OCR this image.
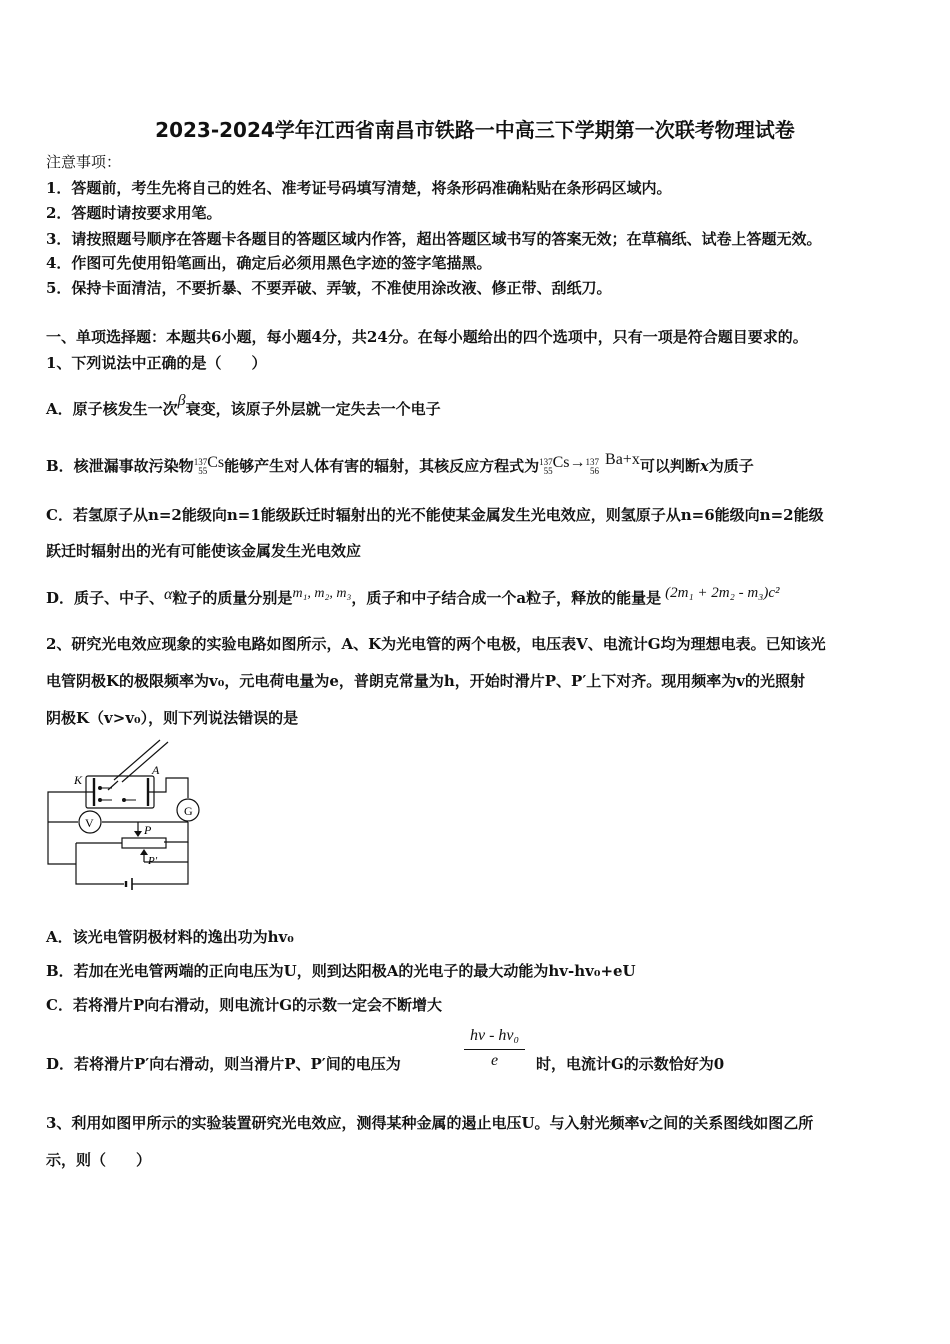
2023-2024学年江西省南昌市铁路一中高三下学期第一次联考物理试卷
注意事项：
1．答题前，考生先将自己的姓名、准考证号码填写清楚，将条形码准确粘贴在条形码区域内。
2．答题时请按要求用笔。
3．请按照题号顺序在答题卡各题目的答题区域内作答，超出答题区域书写的答案无效；在草稿纸、试卷上答题无效。
4．作图可先使用铅笔画出，确定后必须用黑色字迹的签字笔描黑。
5．保持卡面清洁，不要折暴、不要弄破、弄皱，不准使用涂改液、修正带、刮纸刀。
一、单项选择题：本题共6小题，每小题4分，共24分。在每小题给出的四个选项中，只有一项是符合题目要求的。
1、下列说法中正确的是（　　）
A．原子核发生一次β衰变，该原子外层就一定失去一个电子
B．核泄漏事故污染物 137
55
Cs能够产生对人体有害的辐射，其核反应方程式为 137
55
Cs→ 137
56
Ba+x可以判断x为质子
C．若氢原子从n=2能级向n=1能级跃迁时辐射出的光不能使某金属发生光电效应，则氢原子从n=6能级向n=2能级
跃迁时辐射出的光有可能使该金属发生光电效应
D．质子、中子、α粒子的质量分别是m₁, m₂, m₃，质子和中子结合成一个a粒子，释放的能量是 (2m₁ + 2m₂ - m₃)c²
2、研究光电效应现象的实验电路如图所示，A、K为光电管的两个电极，电压表V、电流计G均为理想电表。已知该光
电管阴极K的极限频率为v₀，元电荷电量为e，普朗克常量为h，开始时滑片P、P′上下对齐。现用频率为v的光照射
阴极K（v>v₀），则下列说法错误的是
K
A
G
V	P
P′
A．该光电管阴极材料的逸出功为hv₀
B．若加在光电管两端的正向电压为U，则到达阳极A的光电子的最大动能为hv-hv₀+eU
C．若将滑片P向右滑动，则电流计G的示数一定会不断增大
D．若将滑片P′向右滑动，则当滑片P、P′间的电压为	$\frac{\text{hv - hv₀}}{e}$ 时，电流计G的示数恰好为0
3、利用如图甲所示的实验装置研究光电效应，测得某种金属的遏止电压U。与入射光频率v之间的关系图线如图乙所
示，则（　　）
